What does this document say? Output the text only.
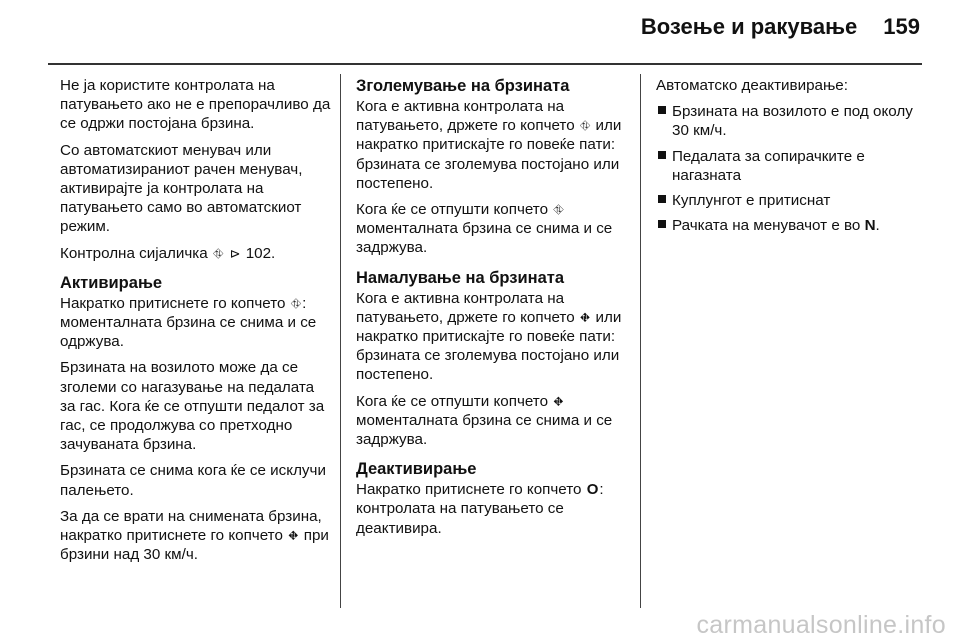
Возење и ракување 159

Не ја користите контролата на патувањето ако не е препорачливо да се одржи постојана брзина.

Со автоматскиот менувач или автоматизираниот рачен менувач, активирајте ја контролата на патувањето само во автоматскиот режим.

Контролна сијаличка ⛗ ⊳ 102.

Активирање

Накратко притиснете го копчето ⛗: моменталната брзина се снима и се одржува.

Брзината на возилото може да се зголеми со нагазување на педалата за гас. Кога ќе се отпушти педалот за гас, се продолжува со претходно зачуваната брзина.

Брзината се снима кога ќе се исклучи палењето.

За да се врати на снимената брзина, накратко притиснете го копчето ⛖ при брзини над 30 км/ч.

Зголемување на брзината

Кога е активна контролата на патувањето, држете го копчето ⛗ или накратко притискајте го повеќе пати: брзината се зголемува постојано или постепено.

Кога ќе се отпушти копчето ⛗ моменталната брзина се снима и се задржува.

Намалување на брзината

Кога е активна контролата на патувањето, држете го копчето ⛖ или накратко притискајте го повеќе пати: брзината се зголемува постојано или постепено.

Кога ќе се отпушти копчето ⛖ моменталната брзина се снима и се задржува.

Деактивирање

Накратко притиснете го копчето O: контролата на патувањето се деактивира.

Автоматско деактивирање:

Брзината на возилото е под околу 30 км/ч.
Педалата за сопирачките е нагазната
Куплунгот е притиснат
Рачката на менувачот е во N.
carmanualsonline.info
